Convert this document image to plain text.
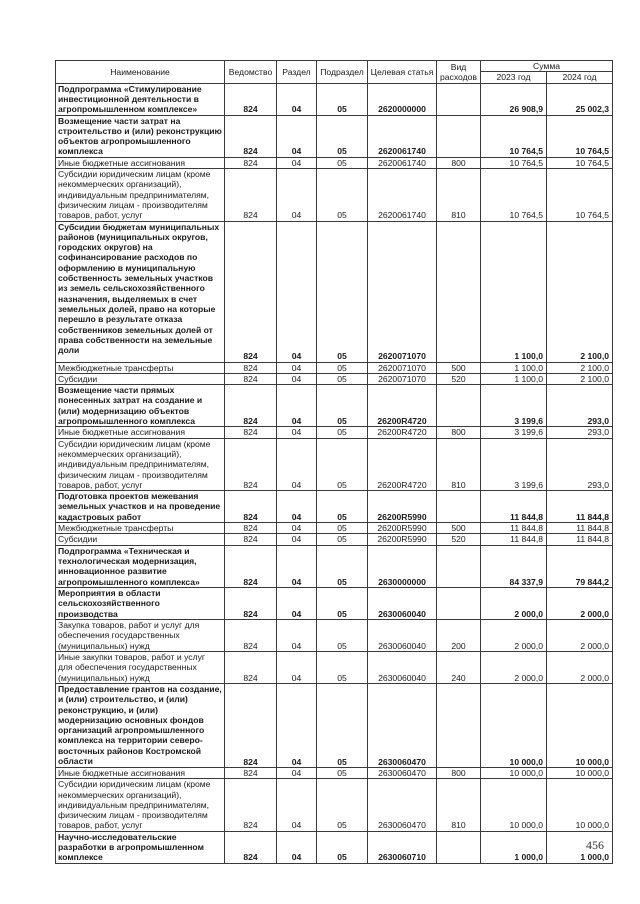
Наименование	Ведомство	Раздел	Подраздел	Целевая статья	Вид расходов	Сумма	
						2023 год	2024 год
Подпрограмма «Стимулирование инвестиционной деятельности в агропромышленном комплексе»	824	04	05	2620000000		26 908,9	25 002,3
Возмещение части затрат на строительство и (или) реконструкцию объектов агропромышленного комплекса	824	04	05	2620061740		10 764,5	10 764,5
Иные бюджетные ассигнования	824	04	05	2620061740	800	10 764,5	10 764,5
Субсидии юридическим лицам (кроме некоммерческих организаций), индивидуальным предпринимателям, физическим лицам - производителям товаров, работ, услуг	824	04	05	2620061740	810	10 764,5	10 764,5
Субсидии бюджетам муниципальных районов (муниципальных округов, городских округов) на софинансирование расходов по оформлению в муниципальную собственность земельных участков из земель сельскохозяйственного назначения, выделяемых в счет земельных долей, право на которые перешло в результате отказа собственников земельных долей от права собственности на земельные доли	824	04	05	2620071070		1 100,0	2 100,0
Межбюджетные трансферты	824	04	05	2620071070	500	1 100,0	2 100,0
Субсидии	824	04	05	2620071070	520	1 100,0	2 100,0
Возмещение части прямых понесенных затрат на создание и (или) модернизацию объектов агропромышленного комплекса	824	04	05	26200R4720		3 199,6	293,0
Иные бюджетные ассигнования	824	04	05	26200R4720	800	3 199,6	293,0
Субсидии юридическим лицам (кроме некоммерческих организаций), индивидуальным предпринимателям, физическим лицам - производителям товаров, работ, услуг	824	04	05	26200R4720	810	3 199,6	293,0
Подготовка проектов межевания земельных участков и на проведение кадастровых работ	824	04	05	26200R5990		11 844,8	11 844,8
Межбюджетные трансферты	824	04	05	26200R5990	500	11 844,8	11 844,8
Субсидии	824	04	05	26200R5990	520	11 844,8	11 844,8
Подпрограмма «Техническая и технологическая модернизация, инновационное развитие агропромышленного комплекса»	824	04	05	2630000000		84 337,9	79 844,2
Мероприятия в области сельскохозяйственного производства	824	04	05	2630060040		2 000,0	2 000,0
Закупка товаров, работ и услуг для обеспечения государственных (муниципальных) нужд	824	04	05	2630060040	200	2 000,0	2 000,0
Иные закупки товаров, работ и услуг для обеспечения государственных (муниципальных) нужд	824	04	05	2630060040	240	2 000,0	2 000,0
Предоставление грантов на создание, и (или) строительство, и (или) реконструкцию, и (или) модернизацию основных фондов организаций агропромышленного комплекса на территории северо-восточных районов Костромской области	824	04	05	2630060470		10 000,0	10 000,0
Иные бюджетные ассигнования	824	04	05	2630060470	800	10 000,0	10 000,0
Субсидии юридическим лицам (кроме некоммерческих организаций), индивидуальным предпринимателям, физическим лицам - производителям товаров, работ, услуг	824	04	05	2630060470	810	10 000,0	10 000,0
Научно-исследовательские разработки в агропромышленном комплексе	824	04	05	2630060710		1 000,0	1 000,0
456
